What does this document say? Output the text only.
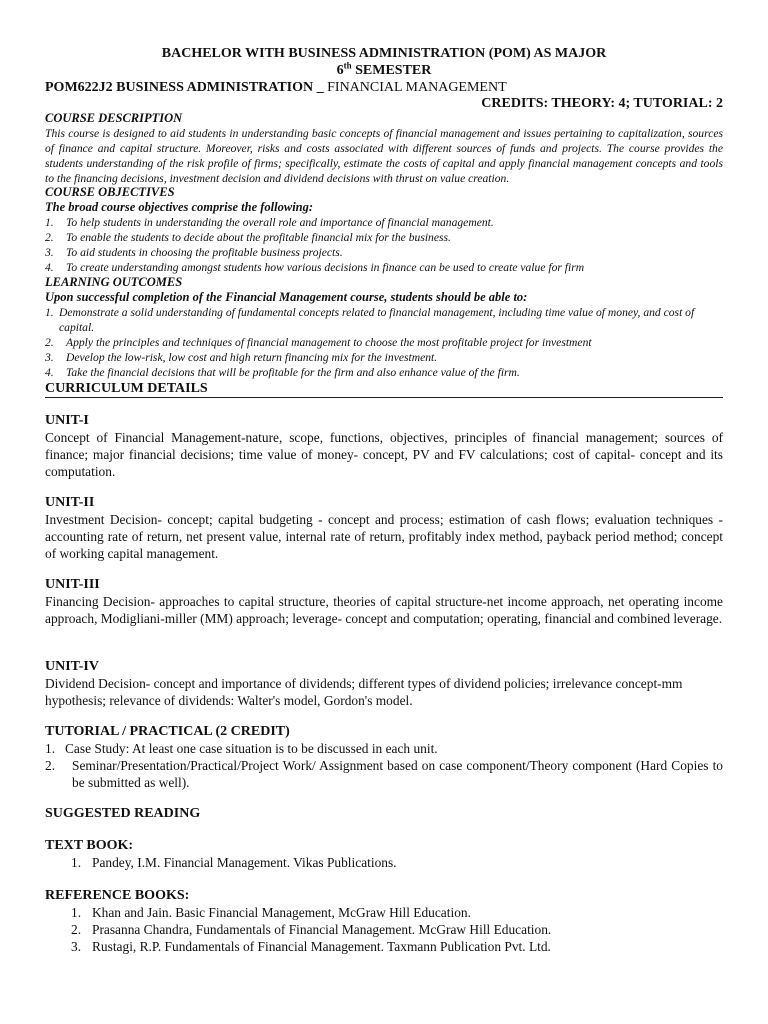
BACHELOR WITH BUSINESS ADMINISTRATION (POM) AS MAJOR
6th SEMESTER
POM622J2 BUSINESS ADMINISTRATION _ FINANCIAL MANAGEMENT
CREDITS: THEORY: 4; TUTORIAL: 2
COURSE DESCRIPTION
This course is designed to aid students in understanding basic concepts of financial management and issues pertaining to capitalization, sources of finance and capital structure. Moreover, risks and costs associated with different sources of funds and projects. The course provides the students understanding of the risk profile of firms; specifically, estimate the costs of capital and apply financial management concepts and tools to the financing decisions, investment decision and dividend decisions with thrust on value creation.
COURSE OBJECTIVES
The broad course objectives comprise the following:
1. To help students in understanding the overall role and importance of financial management.
2. To enable the students to decide about the profitable financial mix for the business.
3. To aid students in choosing the profitable business projects.
4. To create understanding amongst students how various decisions in finance can be used to create value for firm
LEARNING OUTCOMES
Upon successful completion of the Financial Management course, students should be able to:
1. Demonstrate a solid understanding of fundamental concepts related to financial management, including time value of money, and cost of capital.
2. Apply the principles and techniques of financial management to choose the most profitable project for investment
3. Develop the low-risk, low cost and high return financing mix for the investment.
4. Take the financial decisions that will be profitable for the firm and also enhance value of the firm.
CURRICULUM DETAILS
UNIT-I
Concept of Financial Management-nature, scope, functions, objectives, principles of financial management; sources of finance; major financial decisions; time value of money- concept, PV and FV calculations; cost of capital- concept and its computation.
UNIT-II
Investment Decision- concept; capital budgeting - concept and process; estimation of cash flows; evaluation techniques - accounting rate of return, net present value, internal rate of return, profitably index method, payback period method; concept of working capital management.
UNIT-III
Financing Decision- approaches to capital structure, theories of capital structure-net income approach, net operating income approach, Modigliani-miller (MM) approach; leverage- concept and computation; operating, financial and combined leverage.
UNIT-IV
Dividend Decision- concept and importance of dividends; different types of dividend policies; irrelevance concept-mm hypothesis; relevance of dividends: Walter's model, Gordon's model.
TUTORIAL / PRACTICAL (2 CREDIT)
1. Case Study: At least one case situation is to be discussed in each unit.
2. Seminar/Presentation/Practical/Project Work/ Assignment based on case component/Theory component (Hard Copies to be submitted as well).
SUGGESTED READING
TEXT BOOK:
1. Pandey, I.M. Financial Management. Vikas Publications.
REFERENCE BOOKS:
1. Khan and Jain. Basic Financial Management, McGraw Hill Education.
2. Prasanna Chandra, Fundamentals of Financial Management. McGraw Hill Education.
3. Rustagi, R.P. Fundamentals of Financial Management. Taxmann Publication Pvt. Ltd.
